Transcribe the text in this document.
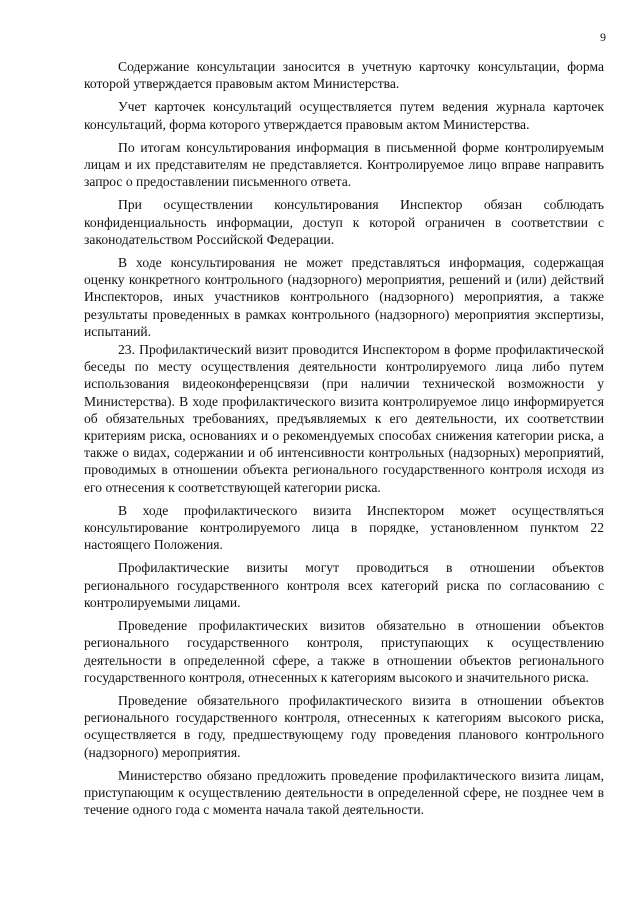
9

Содержание консультации заносится в учетную карточку консультации, форма которой утверждается правовым актом Министерства.

Учет карточек консультаций осуществляется путем ведения журнала карточек консультаций, форма которого утверждается правовым актом Министерства.

По итогам консультирования информация в письменной форме контролируемым лицам и их представителям не представляется. Контролируемое лицо вправе направить запрос о предоставлении письменного ответа.

При осуществлении консультирования Инспектор обязан соблюдать конфиденциальность информации, доступ к которой ограничен в соответствии с законодательством Российской Федерации.

В ходе консультирования не может представляться информация, содержащая оценку конкретного контрольного (надзорного) мероприятия, решений и (или) действий Инспекторов, иных участников контрольного (надзорного) мероприятия, а также результаты проведенных в рамках контрольного (надзорного) мероприятия экспертизы, испытаний.

23. Профилактический визит проводится Инспектором в форме профилактической беседы по месту осуществления деятельности контролируемого лица либо путем использования видеоконференцсвязи (при наличии технической возможности у Министерства). В ходе профилактического визита контролируемое лицо информируется об обязательных требованиях, предъявляемых к его деятельности, их соответствии критериям риска, основаниях и о рекомендуемых способах снижения категории риска, а также о видах, содержании и об интенсивности контрольных (надзорных) мероприятий, проводимых в отношении объекта регионального государственного контроля исходя из его отнесения к соответствующей категории риска.

В ходе профилактического визита Инспектором может осуществляться консультирование контролируемого лица в порядке, установленном пунктом 22 настоящего Положения.

Профилактические визиты могут проводиться в отношении объектов регионального государственного контроля всех категорий риска по согласованию с контролируемыми лицами.

Проведение профилактических визитов обязательно в отношении объектов регионального государственного контроля, приступающих к осуществлению деятельности в определенной сфере, а также в отношении объектов регионального государственного контроля, отнесенных к категориям высокого и значительного риска.

Проведение обязательного профилактического визита в отношении объектов регионального государственного контроля, отнесенных к категориям высокого риска, осуществляется в году, предшествующему году проведения планового контрольного (надзорного) мероприятия.

Министерство обязано предложить проведение профилактического визита лицам, приступающим к осуществлению деятельности в определенной сфере, не позднее чем в течение одного года с момента начала такой деятельности.
